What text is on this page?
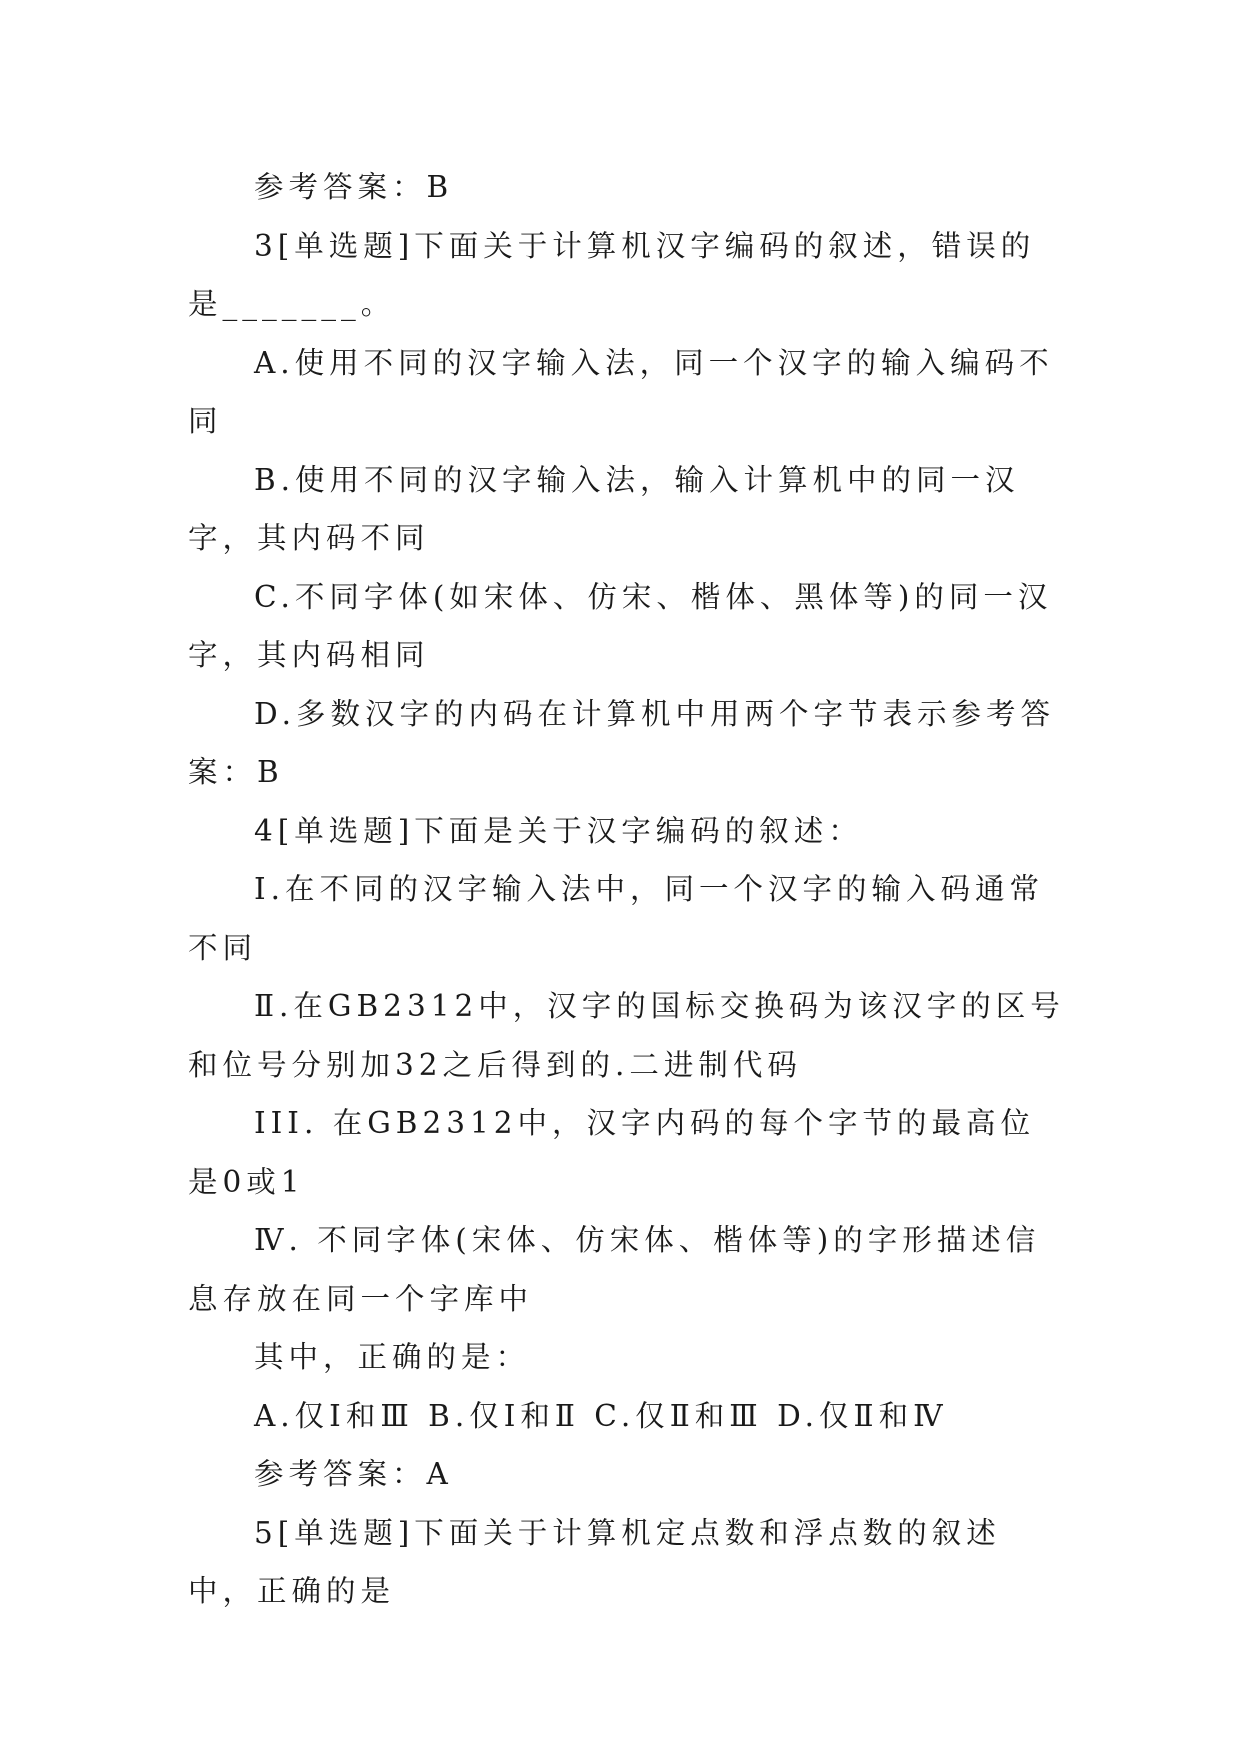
参考答案：B

3[单选题]下面关于计算机汉字编码的叙述，错误的是_______。

A.使用不同的汉字输入法，同一个汉字的输入编码不同

B.使用不同的汉字输入法，输入计算机中的同一汉字，其内码不同

C.不同字体(如宋体、仿宋、楷体、黑体等)的同一汉字，其内码相同

D.多数汉字的内码在计算机中用两个字节表示参考答案：B

4[单选题]下面是关于汉字编码的叙述：

Ⅰ.在不同的汉字输入法中，同一个汉字的输入码通常不同

Ⅱ.在GB2312中，汉字的国标交换码为该汉字的区号和位号分别加32之后得到的.二进制代码

III. 在GB2312中，汉字内码的每个字节的最高位是0或1

Ⅳ. 不同字体(宋体、仿宋体、楷体等)的字形描述信息存放在同一个字库中

其中，正确的是：

A.仅Ⅰ和Ⅲ B.仅Ⅰ和Ⅱ C.仅Ⅱ和Ⅲ D.仅Ⅱ和Ⅳ

参考答案：A

5[单选题]下面关于计算机定点数和浮点数的叙述中，正确的是
